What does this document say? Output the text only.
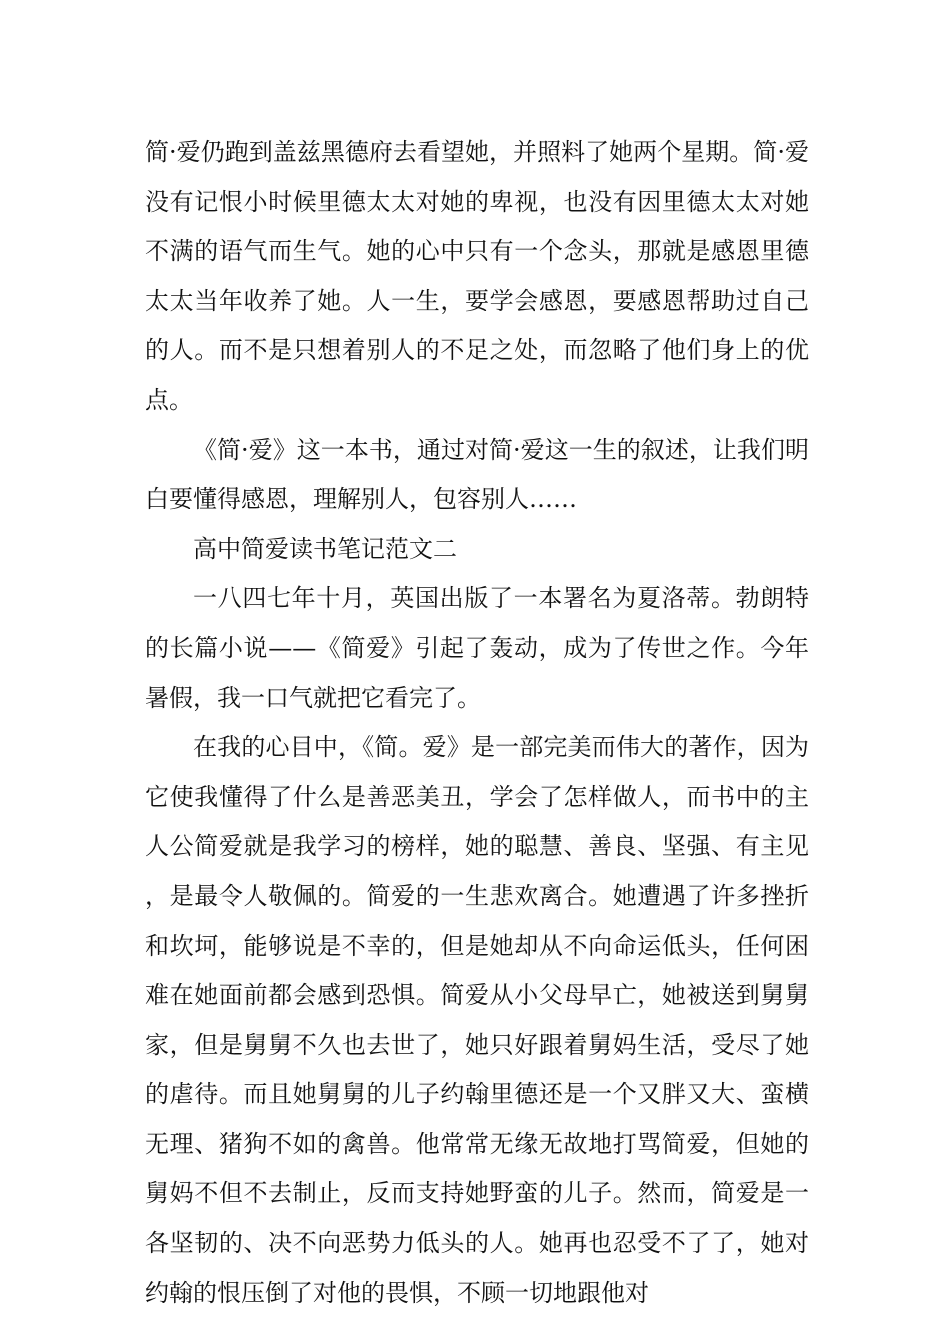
简·爱仍跑到盖兹黑德府去看望她，并照料了她两个星期。简·爱没有记恨小时候里德太太对她的卑视，也没有因里德太太对她不满的语气而生气。她的心中只有一个念头，那就是感恩里德太太当年收养了她。人一生，要学会感恩，要感恩帮助过自己的人。而不是只想着别人的不足之处，而忽略了他们身上的优点。

《简·爱》这一本书，通过对简·爱这一生的叙述，让我们明白要懂得感恩，理解别人，包容别人……

高中简爱读书笔记范文二

一八四七年十月，英国出版了一本署名为夏洛蒂。勃朗特的长篇小说——《简爱》引起了轰动，成为了传世之作。今年暑假，我一口气就把它看完了。

在我的心目中，《简。爱》是一部完美而伟大的著作，因为它使我懂得了什么是善恶美丑，学会了怎样做人，而书中的主人公简爱就是我学习的榜样，她的聪慧、善良、坚强、有主见，是最令人敬佩的。简爱的一生悲欢离合。她遭遇了许多挫折和坎坷，能够说是不幸的，但是她却从不向命运低头，任何困难在她面前都会感到恐惧。简爱从小父母早亡，她被送到舅舅家，但是舅舅不久也去世了，她只好跟着舅妈生活，受尽了她的虐待。而且她舅舅的儿子约翰里德还是一个又胖又大、蛮横无理、猪狗不如的禽兽。他常常无缘无故地打骂简爱，但她的舅妈不但不去制止，反而支持她野蛮的儿子。然而，简爱是一各坚韧的、决不向恶势力低头的人。她再也忍受不了了，她对约翰的恨压倒了对他的畏惧，不顾一切地跟他对
